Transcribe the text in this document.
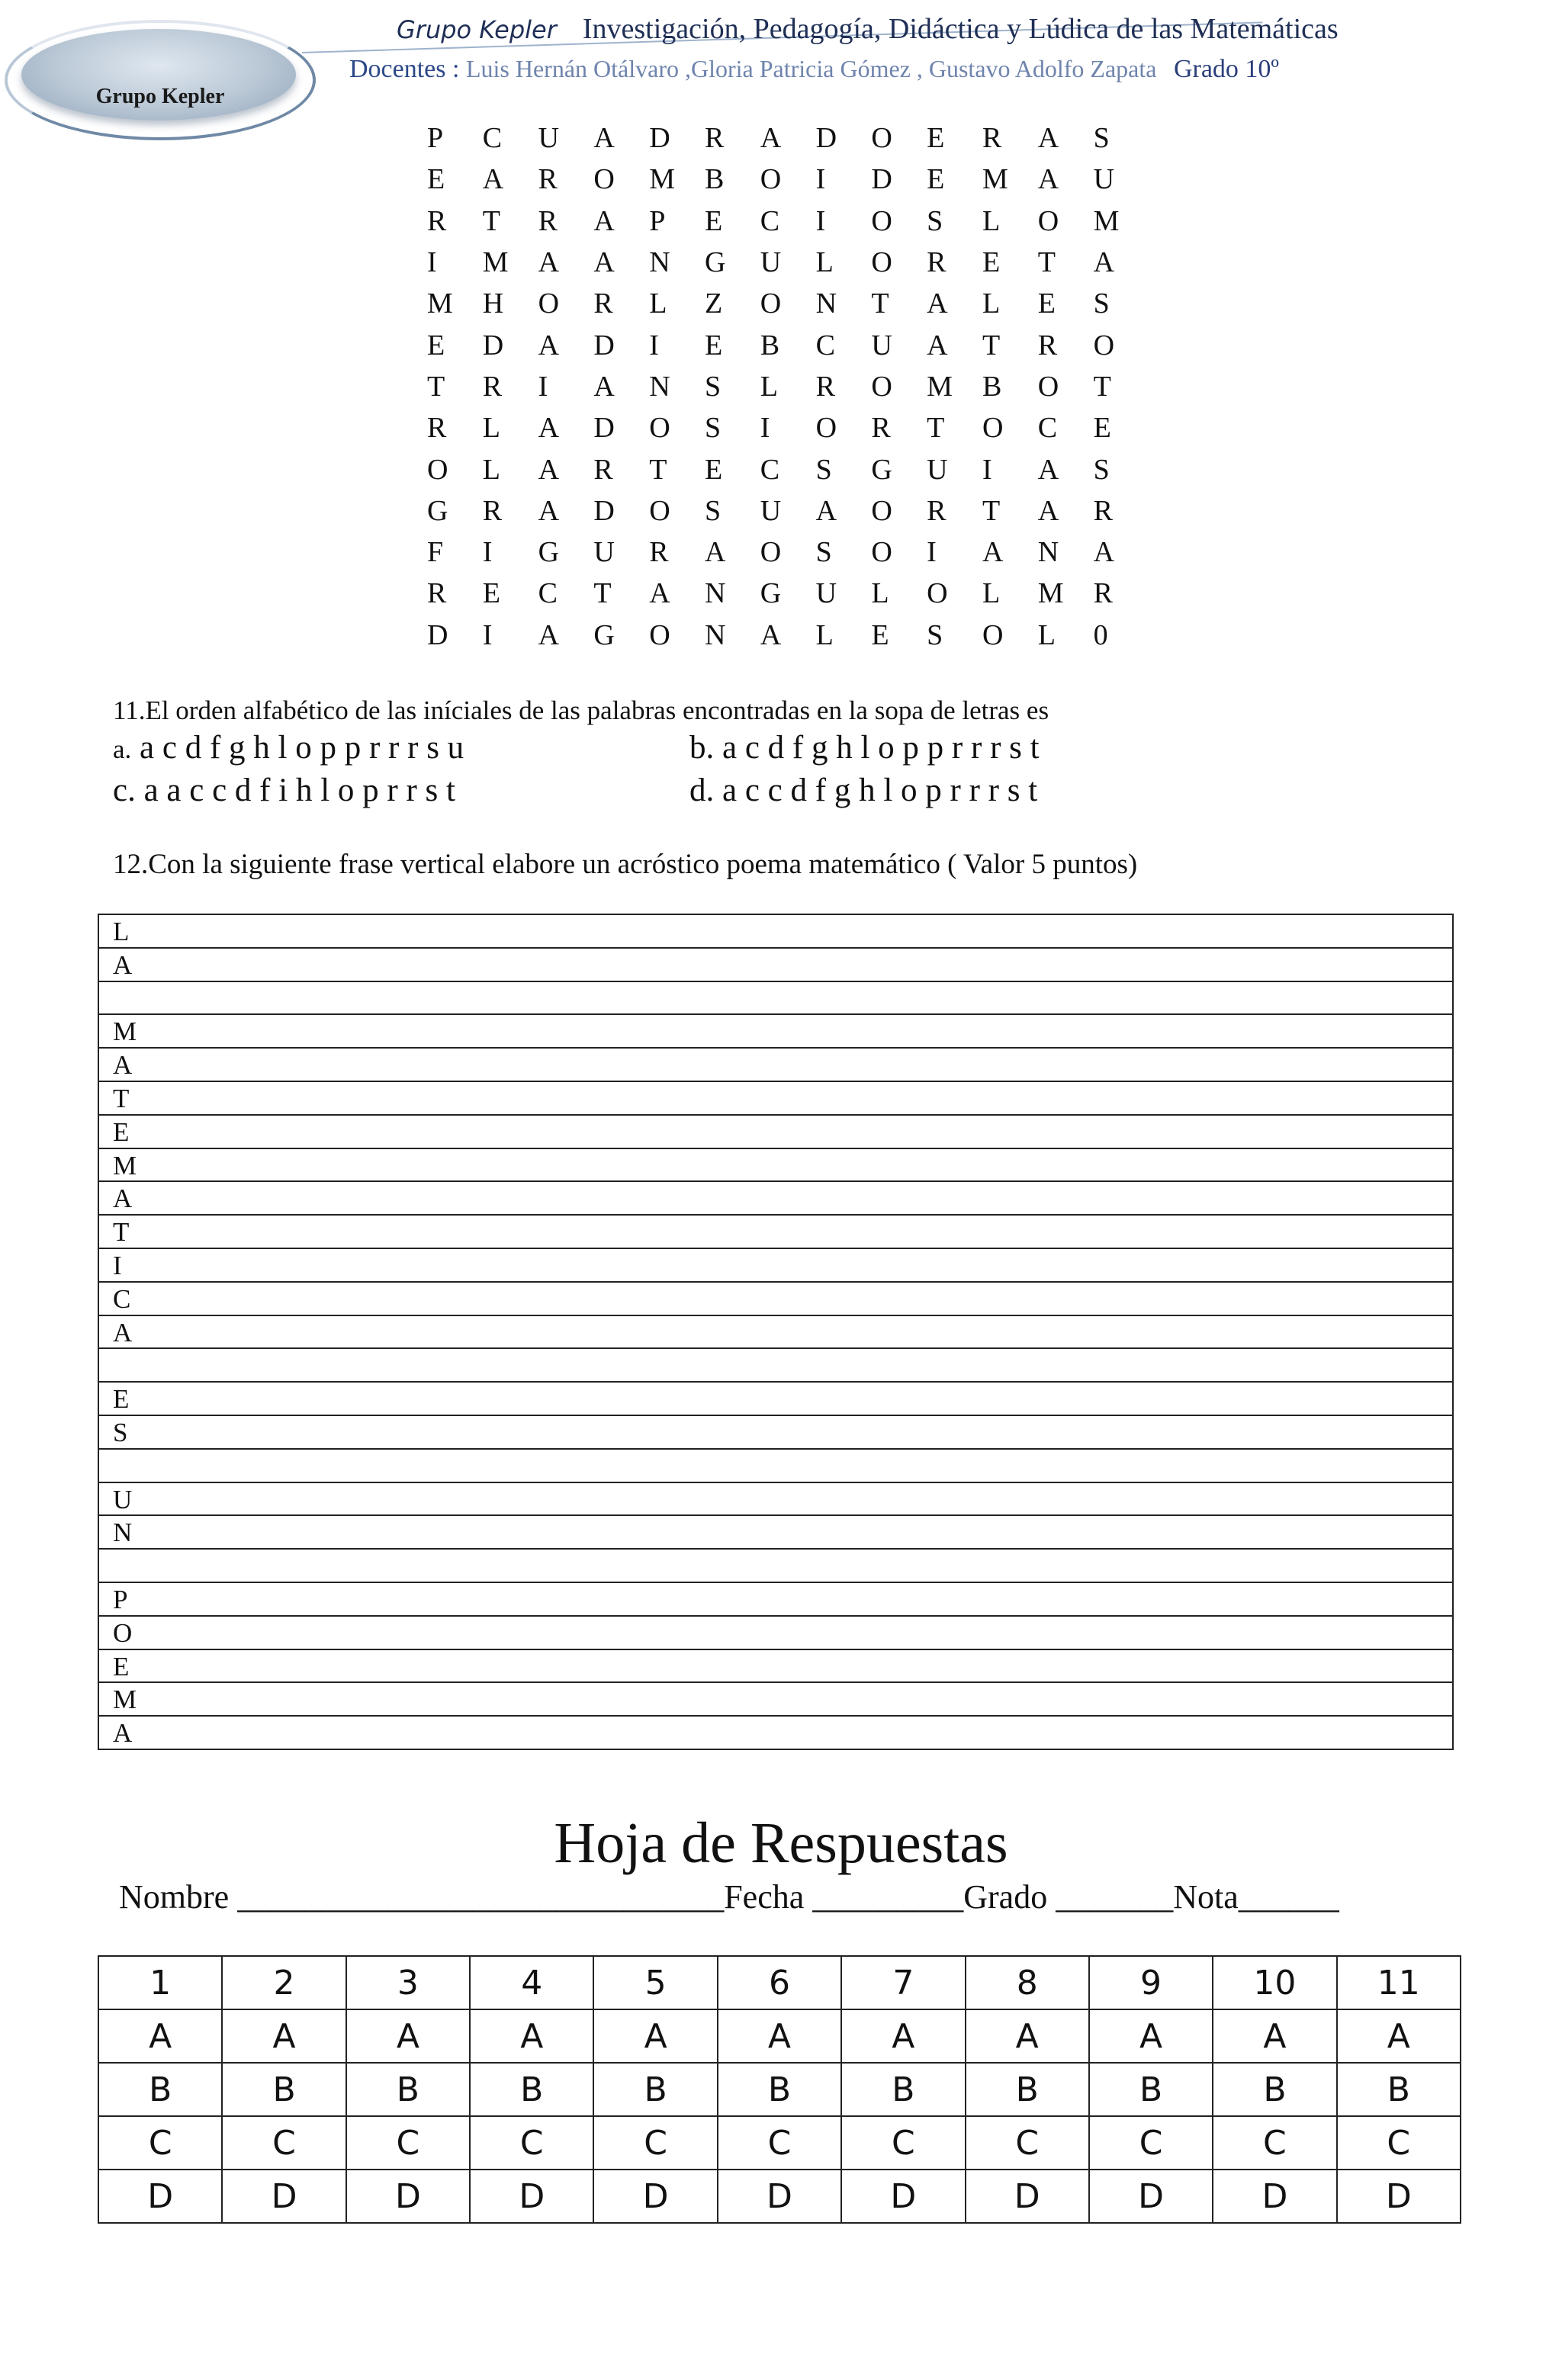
Grupo Kepler
Grupo Kepler Investigación, Pedagogía, Didáctica y Lúdica de las Matemáticas
Docentes : Luis Hernán Otálvaro ,Gloria Patricia Gómez , Gustavo Adolfo Zapata Grado 10º
P	C	U	A	D	R	A	D	O	E	R	A	S
E	A	R	O	M	B	O	I	D	E	M	A	U
R	T	R	A	P	E	C	I	O	S	L	O	M
I	M	A	A	N	G	U	L	O	R	E	T	A
M	H	O	R	L	Z	O	N	T	A	L	E	S
E	D	A	D	I	E	B	C	U	A	T	R	O
T	R	I	A	N	S	L	R	O	M	B	O	T
R	L	A	D	O	S	I	O	R	T	O	C	E
O	L	A	R	T	E	C	S	G	U	I	A	S
G	R	A	D	O	S	U	A	O	R	T	A	R
F	I	G	U	R	A	O	S	O	I	A	N	A
R	E	C	T	A	N	G	U	L	O	L	M	R
D	I	A	G	O	N	A	L	E	S	O	L	0
11.El orden alfabético de las iníciales de las palabras encontradas en la sopa de letras es
a. a c d f g h l o p p r r r s u	b. a c d f g h l o p p r r r s t
c. a a c c d f i h l o p r r s t	d. a c c d f g h l o p r r r s t
12.Con la siguiente frase vertical elabore un acróstico poema matemático ( Valor 5 puntos)
L
A
M
A
T
E
M
A
T
I
C
A
E
S
U
N
P
O
E
M
A
Hoja de Respuestas
Nombre _____________________________Fecha _________Grado _______Nota______
1	2	3	4	5	6	7	8	9	10	11
A	A	A	A	A	A	A	A	A	A	A
B	B	B	B	B	B	B	B	B	B	B
C	C	C	C	C	C	C	C	C	C	C
D	D	D	D	D	D	D	D	D	D	D
